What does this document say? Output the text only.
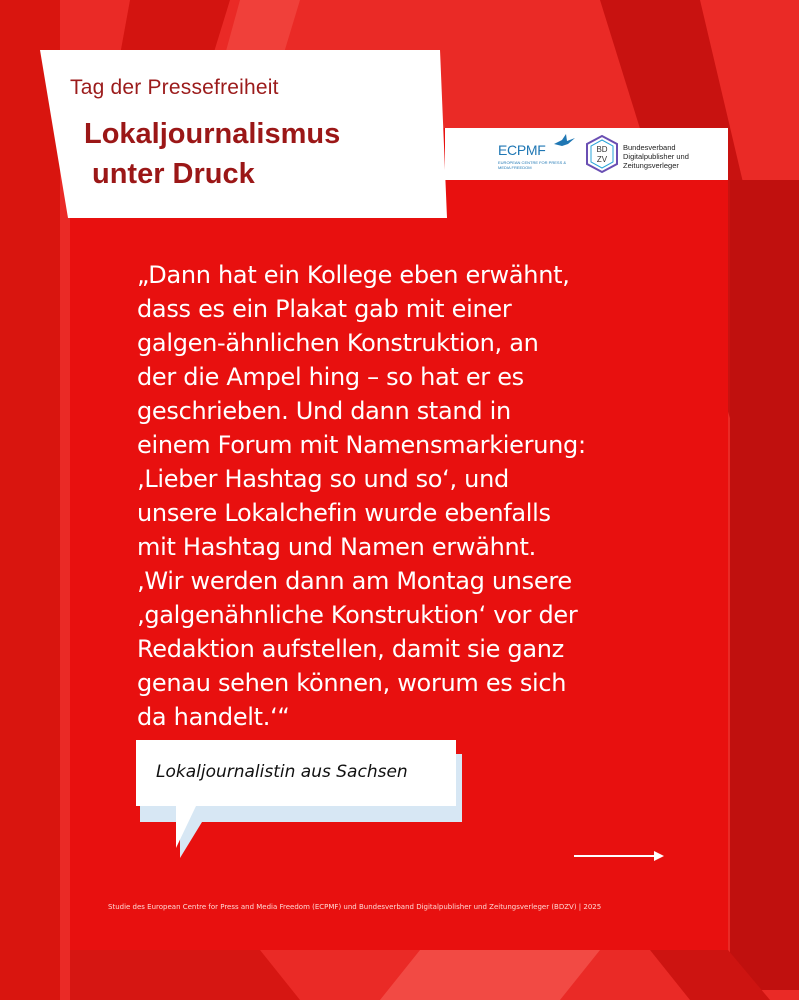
Tag der Pressefreiheit
Lokaljournalismus
unter Druck
ECPMF
EUROPEAN CENTRE FOR PRESS & MEDIA FREEDOM
BD
ZV
Bundesverband
Digitalpublisher und
Zeitungsverleger
„Dann hat ein Kollege eben erwähnt,
dass es ein Plakat gab mit einer
galgen-ähnlichen Konstruktion, an
der die Ampel hing – so hat er es
geschrieben. Und dann stand in
einem Forum mit Namensmarkierung:
‚Lieber Hashtag so und so‘, und
unsere Lokalchefin wurde ebenfalls
mit Hashtag und Namen erwähnt.
‚Wir werden dann am Montag unsere
‚galgenähnliche Konstruktion‘ vor der
Redaktion aufstellen, damit sie ganz
genau sehen können, worum es sich
da handelt.‘“
Lokaljournalistin aus Sachsen
Studie des European Centre for Press and Media Freedom (ECPMF) und Bundesverband Digitalpublisher und Zeitungsverleger (BDZV) | 2025
